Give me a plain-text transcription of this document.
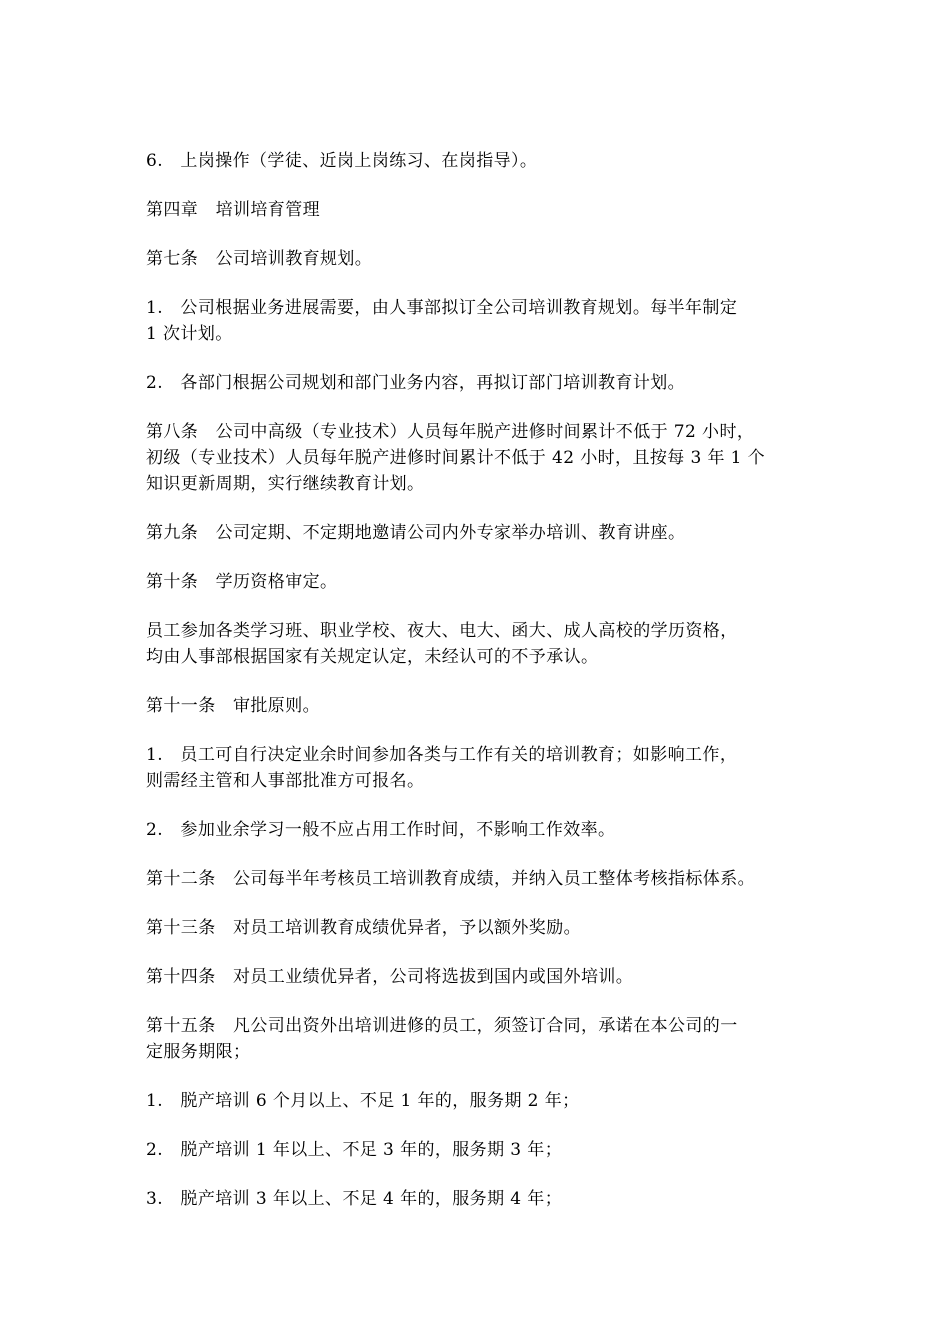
6.　上岗操作（学徒、近岗上岗练习、在岗指导）。

第四章　培训培育管理

第七条　公司培训教育规划。

1.　公司根据业务进展需要，由人事部拟订全公司培训教育规划。每半年制定
1 次计划。

2.　各部门根据公司规划和部门业务内容，再拟订部门培训教育计划。

第八条　公司中高级（专业技术）人员每年脱产进修时间累计不低于 72 小时，
初级（专业技术）人员每年脱产进修时间累计不低于 42 小时，且按每 3 年 1 个
知识更新周期，实行继续教育计划。

第九条　公司定期、不定期地邀请公司内外专家举办培训、教育讲座。

第十条　学历资格审定。

员工参加各类学习班、职业学校、夜大、电大、函大、成人高校的学历资格，
均由人事部根据国家有关规定认定，未经认可的不予承认。

第十一条　审批原则。

1.　员工可自行决定业余时间参加各类与工作有关的培训教育；如影响工作，
则需经主管和人事部批准方可报名。

2.　参加业余学习一般不应占用工作时间，不影响工作效率。

第十二条　公司每半年考核员工培训教育成绩，并纳入员工整体考核指标体系。

第十三条　对员工培训教育成绩优异者，予以额外奖励。

第十四条　对员工业绩优异者，公司将选拔到国内或国外培训。

第十五条　凡公司出资外出培训进修的员工，须签订合同，承诺在本公司的一
定服务期限；

1.　脱产培训 6 个月以上、不足 1 年的，服务期 2 年；

2.　脱产培训 1 年以上、不足 3 年的，服务期 3 年；

3.　脱产培训 3 年以上、不足 4 年的，服务期 4 年；
